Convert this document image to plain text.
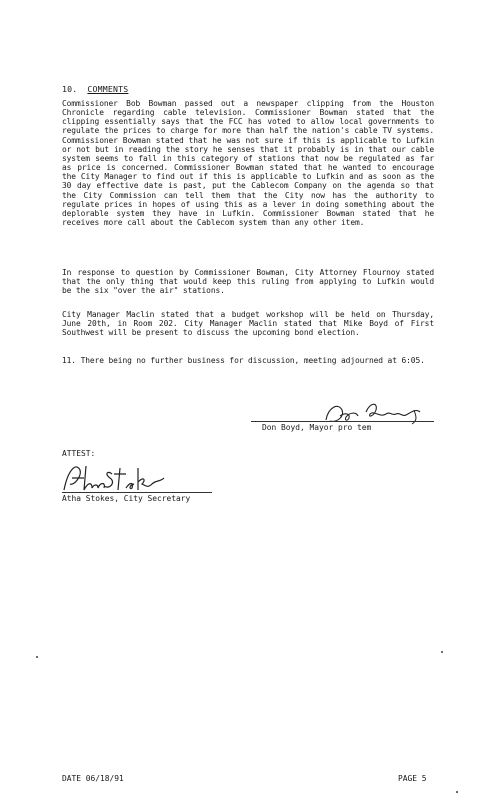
10. COMMENTS

Commissioner Bob Bowman passed out a newspaper clipping from the Houston Chronicle regarding cable television. Commissioner Bowman stated that the clipping essentially says that the FCC has voted to allow local governments to regulate the prices to charge for more than half the nation's cable TV systems. Commissioner Bowman stated that he was not sure if this is applicable to Lufkin or not but in reading the story he senses that it probably is in that our cable system seems to fall in this category of stations that now be regulated as far as price is concerned. Commissioner Bowman stated that he wanted to encourage the City Manager to find out if this is applicable to Lufkin and as soon as the 30 day effective date is past, put the Cablecom Company on the agenda so that the City Commission can tell them that the City now has the authority to regulate prices in hopes of using this as a lever in doing something about the deplorable system they have in Lufkin. Commissioner Bowman stated that he receives more call about the Cablecom system than any other item.

In response to question by Commissioner Bowman, City Attorney Flournoy stated that the only thing that would keep this ruling from applying to Lufkin would be the six "over the air" stations.

City Manager Maclin stated that a budget workshop will be held on Thursday, June 20th, in Room 202. City Manager Maclin stated that Mike Boyd of First Southwest will be present to discuss the upcoming bond election.

11. There being no further business for discussion, meeting adjourned at 6:05.

Don Boyd, Mayor pro tem
ATTEST:
Atha Stokes, City Secretary
DATE 06/18/91	PAGE 5
